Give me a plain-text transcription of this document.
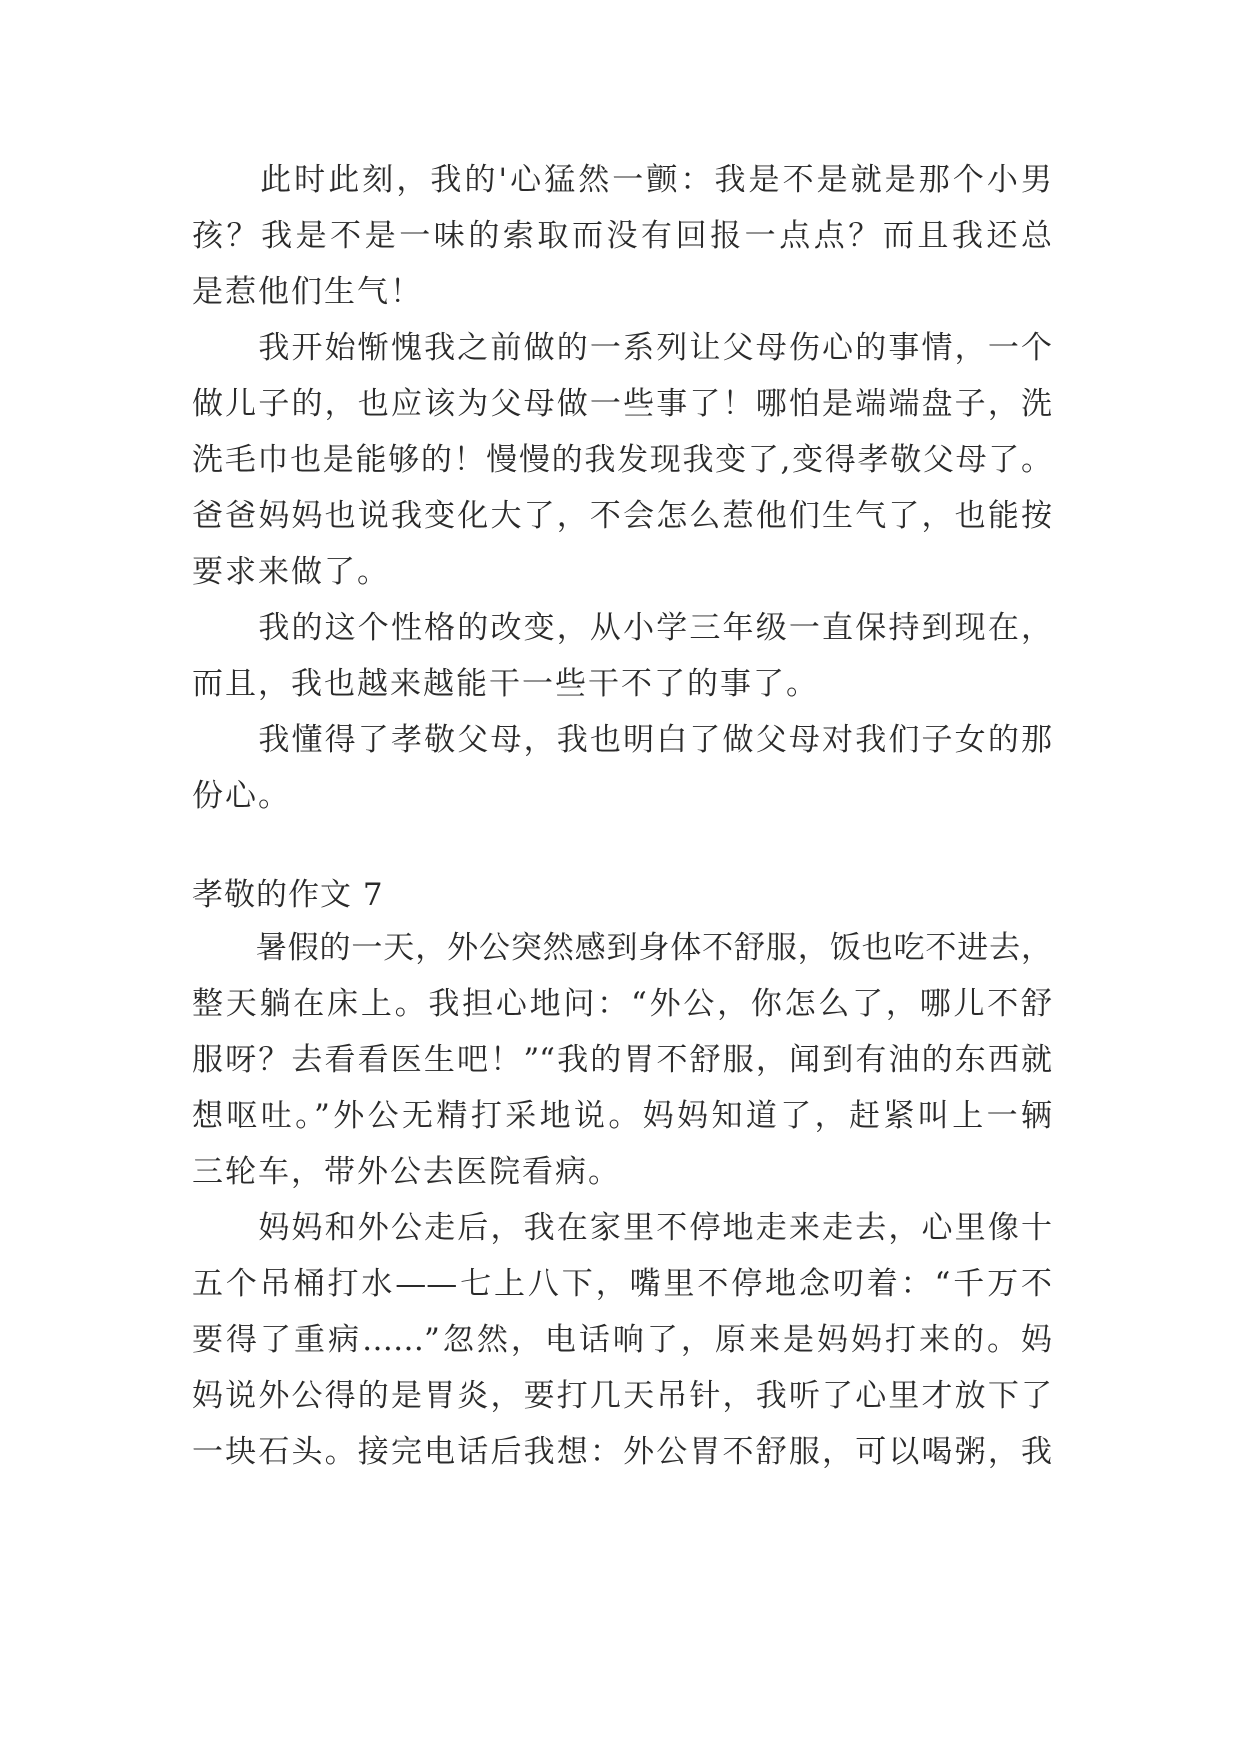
　　此时此刻，我的'心猛然一颤：我是不是就是那个小男
孩？我是不是一味的索取而没有回报一点点？而且我还总
是惹他们生气！
　　我开始惭愧我之前做的一系列让父母伤心的事情，一个
做儿子的，也应该为父母做一些事了！哪怕是端端盘子，洗
洗毛巾也是能够的！慢慢的我发现我变了,变得孝敬父母了。
爸爸妈妈也说我变化大了，不会怎么惹他们生气了，也能按
要求来做了。
　　我的这个性格的改变，从小学三年级一直保持到现在，
而且，我也越来越能干一些干不了的事了。
　　我懂得了孝敬父母，我也明白了做父母对我们子女的那
份心。
孝敬的作文 7
　　暑假的一天，外公突然感到身体不舒服，饭也吃不进去，
整天躺在床上。我担心地问：“外公，你怎么了，哪儿不舒
服呀？去看看医生吧！”“我的胃不舒服，闻到有油的东西就
想呕吐。”外公无精打采地说。妈妈知道了，赶紧叫上一辆
三轮车，带外公去医院看病。
　　妈妈和外公走后，我在家里不停地走来走去，心里像十
五个吊桶打水——七上八下，嘴里不停地念叨着：“千万不
要得了重病……”忽然，电话响了，原来是妈妈打来的。妈
妈说外公得的是胃炎，要打几天吊针，我听了心里才放下了
一块石头。接完电话后我想：外公胃不舒服，可以喝粥，我
